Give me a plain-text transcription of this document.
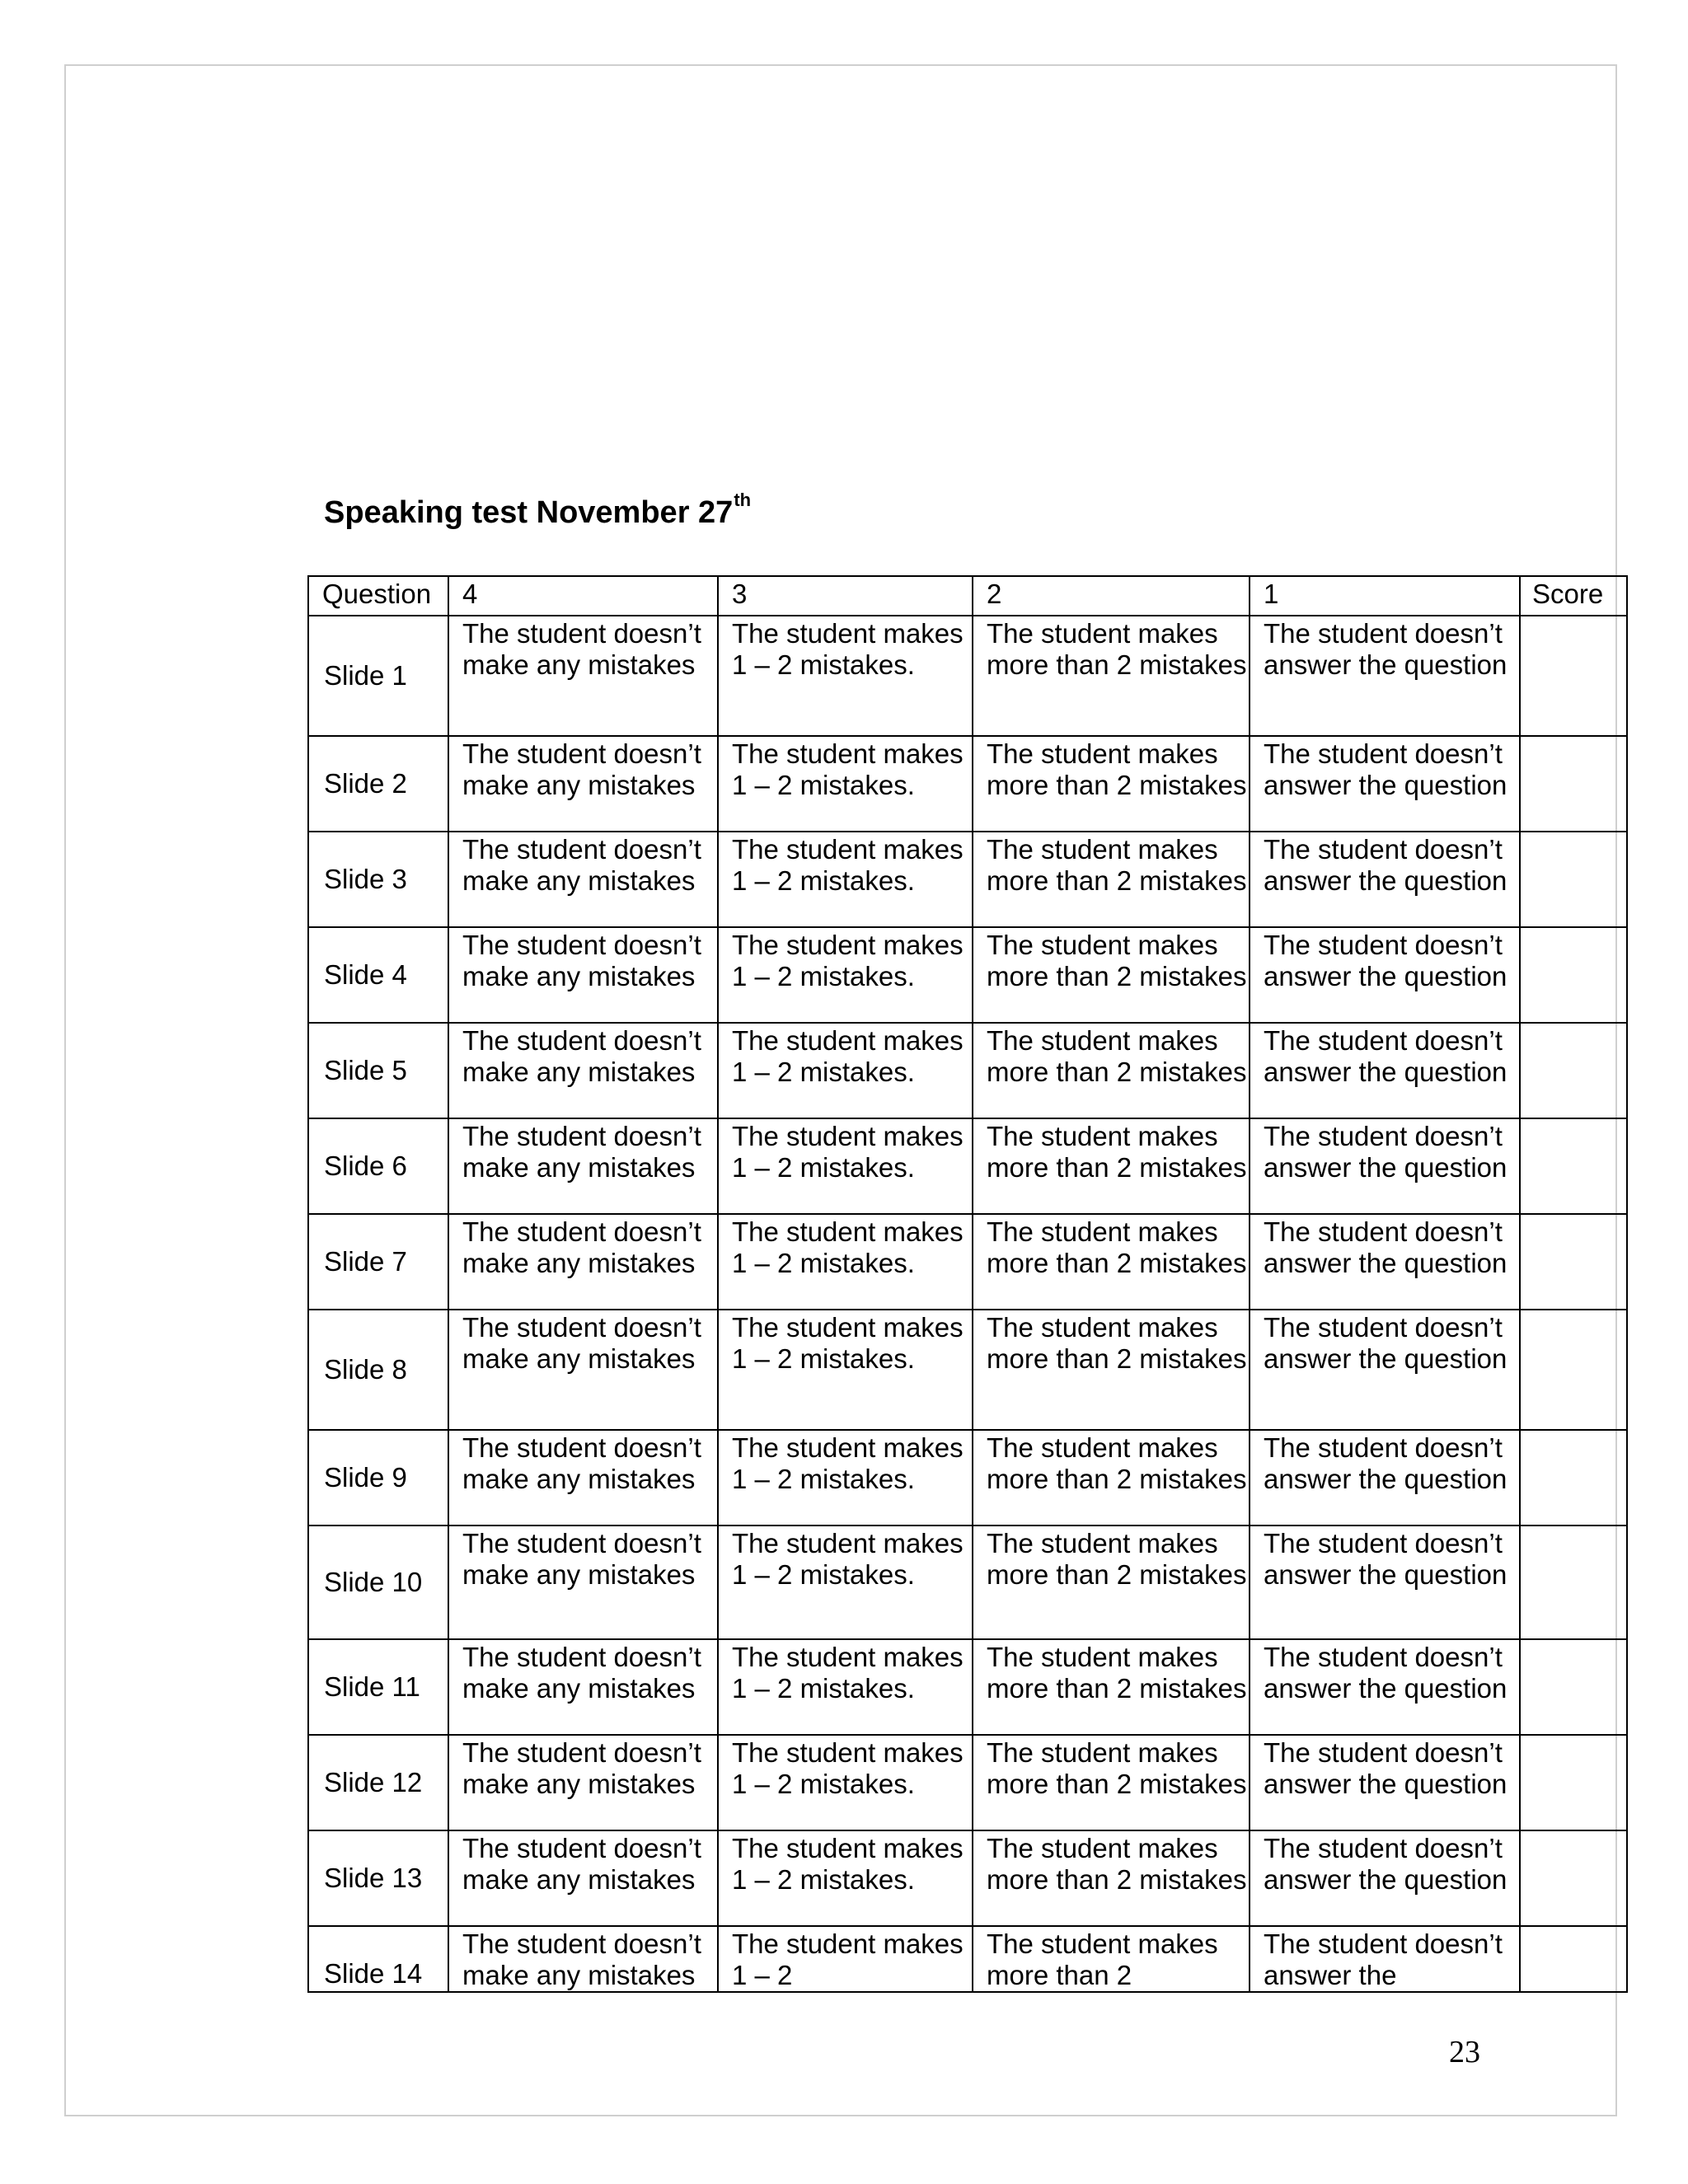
Speaking test November 27th
Question	4	3	2	1	Score
Slide 1	The student doesn’t make any mistakes	The student makes 1 – 2 mistakes.	The student makes more than 2 mistakes	The student doesn’t answer the question	
Slide 2	The student doesn’t make any mistakes	The student makes 1 – 2 mistakes.	The student makes more than 2 mistakes	The student doesn’t answer the question	
Slide 3	The student doesn’t make any mistakes	The student makes 1 – 2 mistakes.	The student makes more than 2 mistakes	The student doesn’t answer the question	
Slide 4	The student doesn’t make any mistakes	The student makes 1 – 2 mistakes.	The student makes more than 2 mistakes	The student doesn’t answer the question	
Slide 5	The student doesn’t make any mistakes	The student makes 1 – 2 mistakes.	The student makes more than 2 mistakes	The student doesn’t answer the question	
Slide 6	The student doesn’t make any mistakes	The student makes 1 – 2 mistakes.	The student makes more than 2 mistakes	The student doesn’t answer the question	
Slide 7	The student doesn’t make any mistakes	The student makes 1 – 2 mistakes.	The student makes more than 2 mistakes	The student doesn’t answer the question	
Slide 8	The student doesn’t make any mistakes	The student makes 1 – 2 mistakes.	The student makes more than 2 mistakes	The student doesn’t answer the question	
Slide 9	The student doesn’t make any mistakes	The student makes 1 – 2 mistakes.	The student makes more than 2 mistakes	The student doesn’t answer the question	
Slide 10	The student doesn’t make any mistakes	The student makes 1 – 2 mistakes.	The student makes more than 2 mistakes	The student doesn’t answer the question	
Slide 11	The student doesn’t make any mistakes	The student makes 1 – 2 mistakes.	The student makes more than 2 mistakes	The student doesn’t answer the question	
Slide 12	The student doesn’t make any mistakes	The student makes 1 – 2 mistakes.	The student makes more than 2 mistakes	The student doesn’t answer the question	
Slide 13	The student doesn’t make any mistakes	The student makes 1 – 2 mistakes.	The student makes more than 2 mistakes	The student doesn’t answer the question	
Slide 14	The student doesn’t make any mistakes	The student makes 1 – 2	The student makes more than 2	The student doesn’t answer the	
23
